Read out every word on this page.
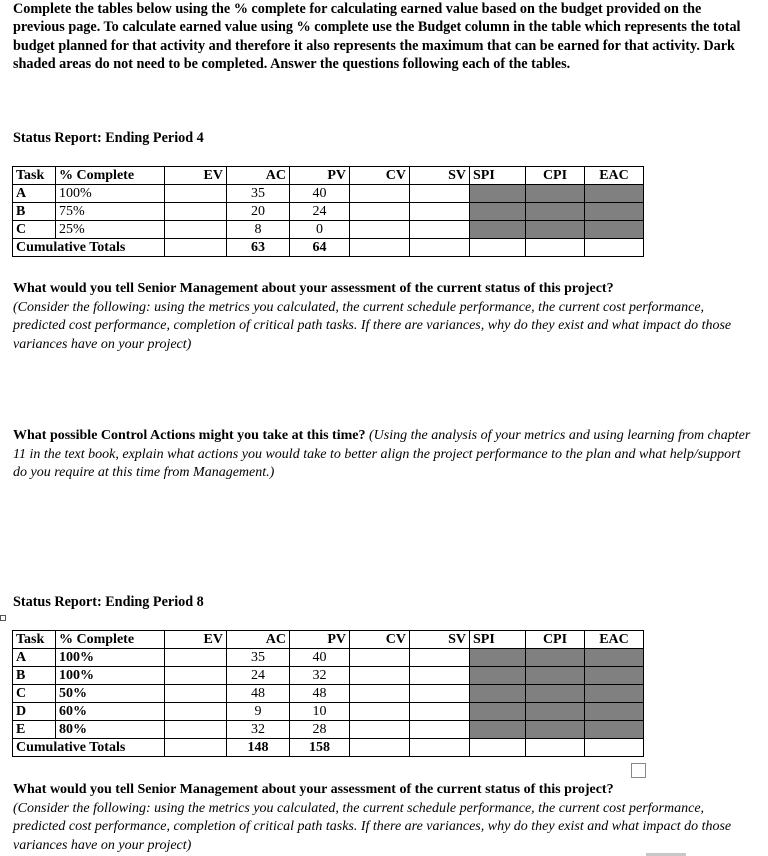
Complete the tables below using the % complete for calculating earned value based on the budget provided on the previous page. To calculate earned value using % complete use the Budget column in the table which represents the total budget planned for that activity and therefore it also represents the maximum that can be earned for that activity. Dark shaded areas do not need to be completed. Answer the questions following each of the tables.

Status Report: Ending Period 4

Task	% Complete	EV	AC	PV	CV	SV	SPI	CPI	EAC
A	100%		35	40					
B	75%		20	24					
C	25%		8	0					
Cumulative Totals			63	64					

What would you tell Senior Management about your assessment of the current status of this project?
(Consider the following: using the metrics you calculated, the current schedule performance, the current cost performance, predicted cost performance, completion of critical path tasks. If there are variances, why do they exist and what impact do those variances have on your project)

What possible Control Actions might you take at this time? (Using the analysis of your metrics and using learning from chapter 11 in the text book, explain what actions you would take to better align the project performance to the plan and what help/support do you require at this time from Management.)

Status Report: Ending Period 8

Task	% Complete	EV	AC	PV	CV	SV	SPI	CPI	EAC
A	100%		35	40					
B	100%		24	32					
C	50%		48	48					
D	60%		9	10					
E	80%		32	28					
Cumulative Totals			148	158					

What would you tell Senior Management about your assessment of the current status of this project?
(Consider the following: using the metrics you calculated, the current schedule performance, the current cost performance, predicted cost performance, completion of critical path tasks. If there are variances, why do they exist and what impact do those variances have on your project)
